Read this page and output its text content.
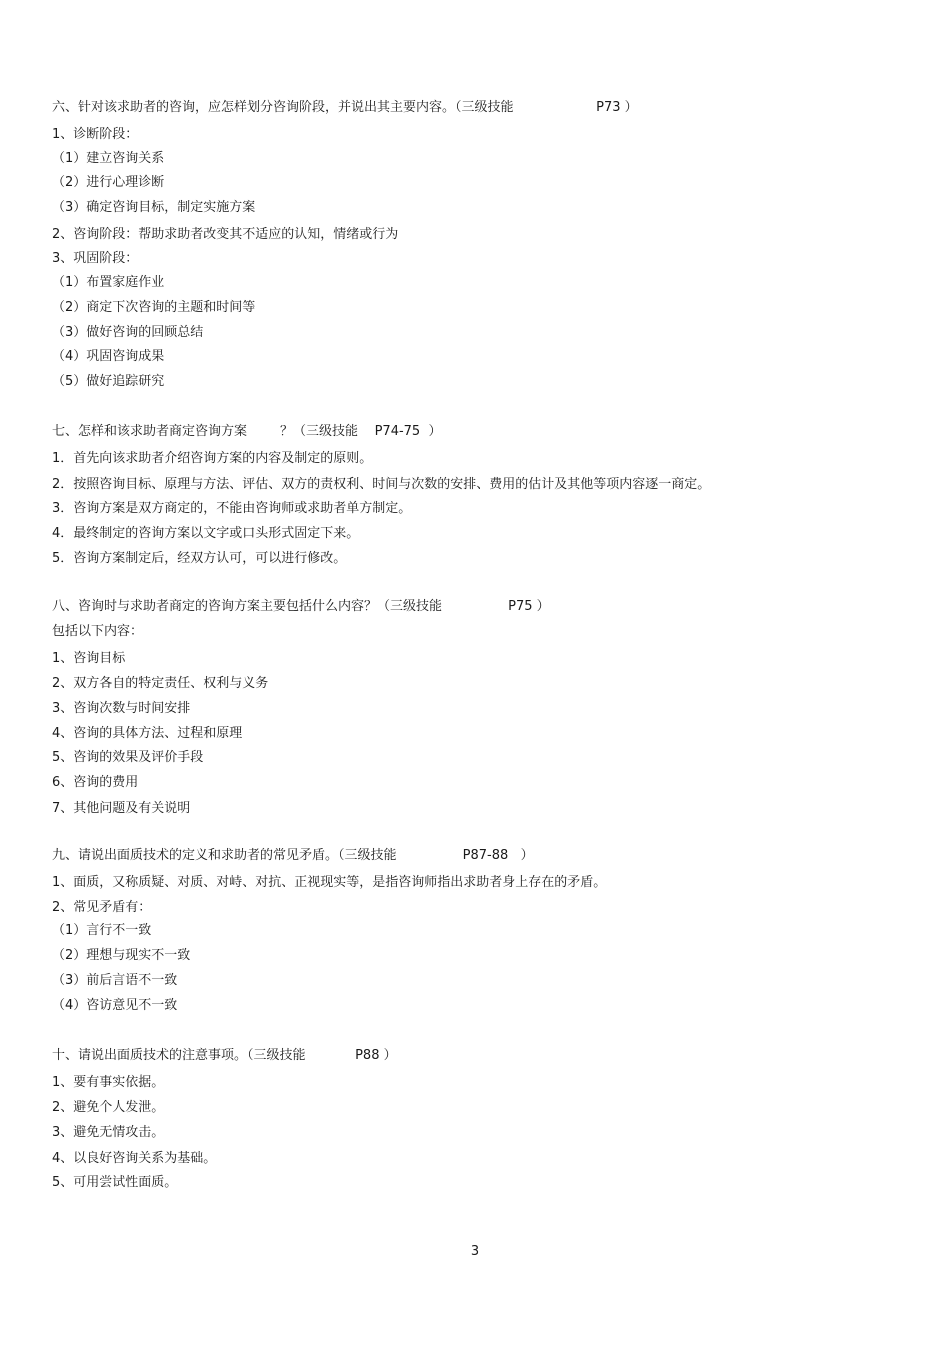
六、针对该求助者的咨询，应怎样划分咨询阶段，并说出其主要内容。（三级技能                    P73 ）
1、诊断阶段：
（1）建立咨询关系
（2）进行心理诊断
（3）确定咨询目标，制定实施方案
2、咨询阶段：帮助求助者改变其不适应的认知，情绪或行为
3、巩固阶段：
（1）布置家庭作业
（2）商定下次咨询的主题和时间等
（3）做好咨询的回顾总结
（4）巩固咨询成果
（5）做好追踪研究
七、怎样和该求助者商定咨询方案        ？（三级技能    P74-75  ）
1．首先向该求助者介绍咨询方案的内容及制定的原则。
2．按照咨询目标、原理与方法、评估、双方的责权利、时间与次数的安排、费用的估计及其他等项内容逐一商定。
3．咨询方案是双方商定的，不能由咨询师或求助者单方制定。
4．最终制定的咨询方案以文字或口头形式固定下来。
5．咨询方案制定后，经双方认可，可以进行修改。
八、咨询时与求助者商定的咨询方案主要包括什么内容？（三级技能                P75 ）
包括以下内容：
1、咨询目标
2、双方各自的特定责任、权利与义务
3、咨询次数与时间安排
4、咨询的具体方法、过程和原理
5、咨询的效果及评价手段
6、咨询的费用
7、其他问题及有关说明
九、请说出面质技术的定义和求助者的常见矛盾。（三级技能                P87-88   ）
1、面质，又称质疑、对质、对峙、对抗、正视现实等，是指咨询师指出求助者身上存在的矛盾。
2、常见矛盾有：
（1）言行不一致
（2）理想与现实不一致
（3）前后言语不一致
（4）咨访意见不一致
十、请说出面质技术的注意事项。（三级技能            P88 ）
1、要有事实依据。
2、避免个人发泄。
3、避免无情攻击。
4、以良好咨询关系为基础。
5、可用尝试性面质。
3
